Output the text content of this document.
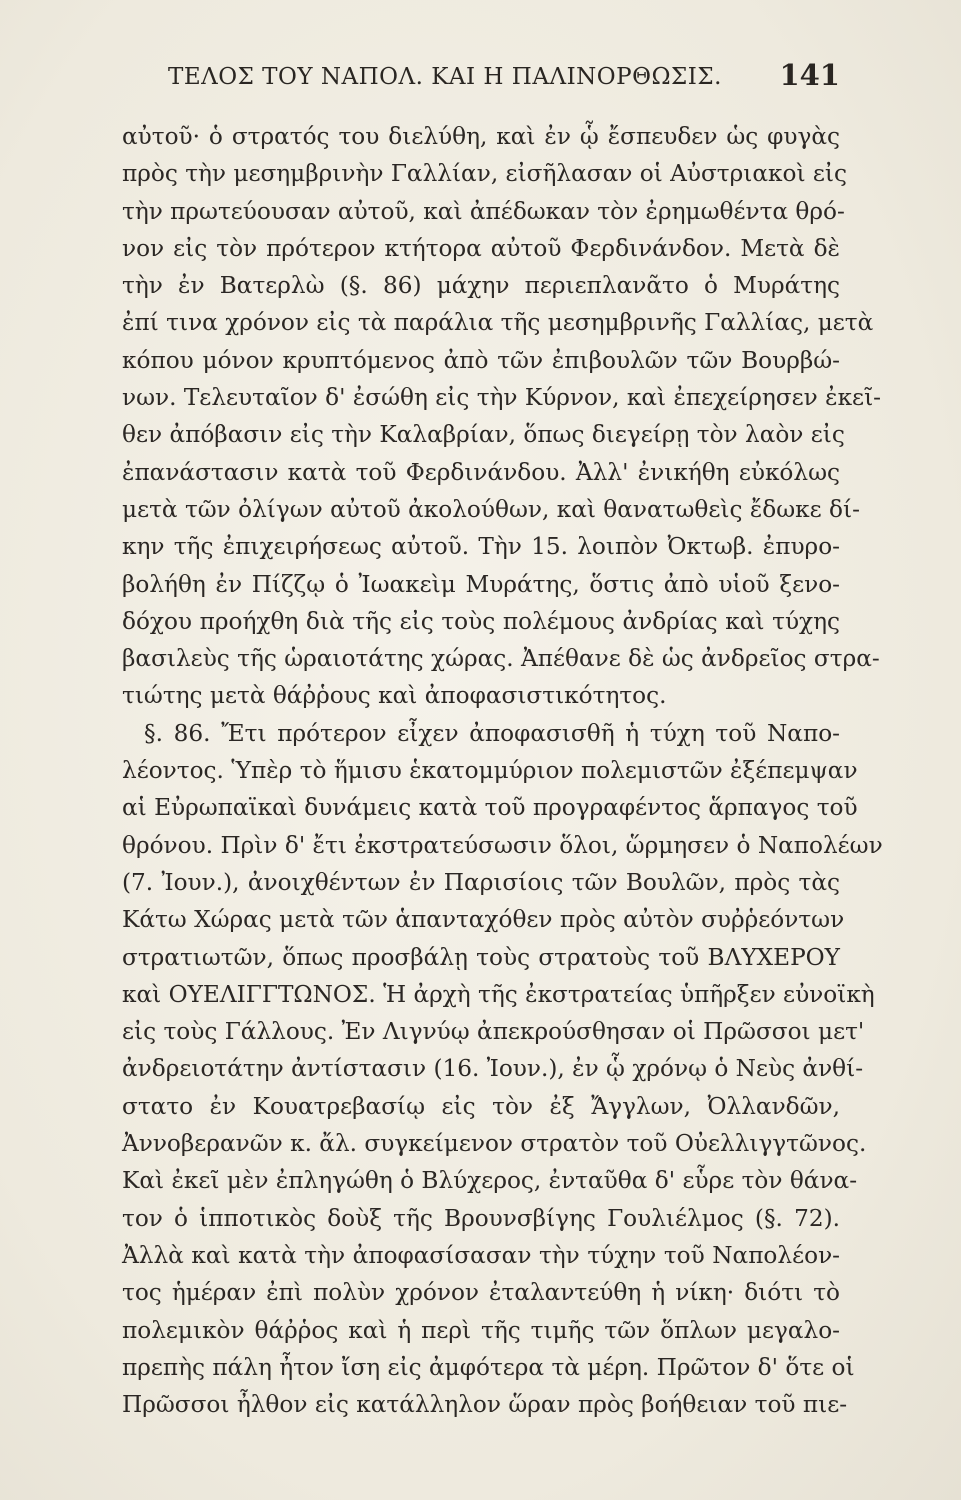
ΤΕΛΟΣ ΤΟΥ ΝΑΠΟΛ. ΚΑΙ Η ΠΑΛΙΝΟΡΘΩΣΙΣ. 141
αὐτοῦ· ὁ στρατός του διελύθη, καὶ ἐν ᾧ ἔσπευδεν ὡς φυγὰς
πρὸς τὴν μεσημβρινὴν Γαλλίαν, εἰσῆλασαν οἱ Αὐστριακοὶ εἰς
τὴν πρωτεύουσαν αὐτοῦ, καὶ ἀπέδωκαν τὸν ἐρημωθέντα θρό-
νον εἰς τὸν πρότερον κτήτορα αὐτοῦ Φερδινάνδον. Μετὰ δὲ
τὴν ἐν Βατερλὼ (§. 86) μάχην περιεπλανᾶτο ὁ Μυράτης
ἐπί τινα χρόνον εἰς τὰ παράλια τῆς μεσημβρινῆς Γαλλίας, μετὰ
κόπου μόνον κρυπτόμενος ἀπὸ τῶν ἐπιβουλῶν τῶν Βουρβώ-
νων. Τελευταῖον δ' ἐσώθη εἰς τὴν Κύρνον, καὶ ἐπεχείρησεν ἐκεῖ-
θεν ἀπόβασιν εἰς τὴν Καλαβρίαν, ὅπως διεγείρῃ τὸν λαὸν εἰς
ἐπανάστασιν κατὰ τοῦ Φερδινάνδου. Ἀλλ' ἐνικήθη εὐκόλως
μετὰ τῶν ὀλίγων αὐτοῦ ἀκολούθων, καὶ θανατωθεὶς ἔδωκε δί-
κην τῆς ἐπιχειρήσεως αὐτοῦ. Τὴν 15. λοιπὸν Ὀκτωβ. ἐπυρο-
βολήθη ἐν Πίζζῳ ὁ Ἰωακεὶμ Μυράτης, ὅστις ἀπὸ υἱοῦ ξενο-
δόχου προήχθη διὰ τῆς εἰς τοὺς πολέμους ἀνδρίας καὶ τύχης
βασιλεὺς τῆς ὡραιοτάτης χώρας. Ἀπέθανε δὲ ὡς ἀνδρεῖος στρα-
τιώτης μετὰ θάῤῥους καὶ ἀποφασιστικότητος.
§. 86. Ἔτι πρότερον εἶχεν ἀποφασισθῆ ἡ τύχη τοῦ Ναπο-
λέοντος. Ὑπὲρ τὸ ἥμισυ ἑκατομμύριον πολεμιστῶν ἐξέπεμψαν
αἱ Εὐρωπαϊκαὶ δυνάμεις κατὰ τοῦ προγραφέντος ἅρπαγος τοῦ
θρόνου. Πρὶν δ' ἔτι ἐκστρατεύσωσιν ὅλοι, ὥρμησεν ὁ Ναπολέων
(7. Ἰουν.), ἀνοιχθέντων ἐν Παρισίοις τῶν Βουλῶν, πρὸς τὰς
Κάτω Χώρας μετὰ τῶν ἁπανταχόθεν πρὸς αὐτὸν συῤῥεόντων
στρατιωτῶν, ὅπως προσβάλῃ τοὺς στρατοὺς τοῦ ΒΛΥΧΕΡΟΥ
καὶ ΟΥΕΛΙΓΓΤΩΝΟΣ. Ἡ ἀρχὴ τῆς ἐκστρατείας ὑπῆρξεν εὐνοϊκὴ
εἰς τοὺς Γάλλους. Ἐν Λιγνύῳ ἀπεκρούσθησαν οἱ Πρῶσσοι μετ'
ἀνδρειοτάτην ἀντίστασιν (16. Ἰουν.), ἐν ᾧ χρόνῳ ὁ Νεὺς ἀνθί-
στατο ἐν Κουατρεβασίῳ εἰς τὸν ἐξ Ἄγγλων, Ὀλλανδῶν,
Ἀννοβερανῶν κ. ἄλ. συγκείμενον στρατὸν τοῦ Οὐελλιγγτῶνος.
Καὶ ἐκεῖ μὲν ἐπληγώθη ὁ Βλύχερος, ἐνταῦθα δ' εὗρε τὸν θάνα-
τον ὁ ἱπποτικὸς δοὺξ τῆς Βρουνσβίγης Γουλιέλμος (§. 72).
Ἀλλὰ καὶ κατὰ τὴν ἀποφασίσασαν τὴν τύχην τοῦ Ναπολέον-
τος ἡμέραν ἐπὶ πολὺν χρόνον ἐταλαντεύθη ἡ νίκη· διότι τὸ
πολεμικὸν θάῤῥος καὶ ἡ περὶ τῆς τιμῆς τῶν ὅπλων μεγαλο-
πρεπὴς πάλη ἦτον ἴση εἰς ἀμφότερα τὰ μέρη. Πρῶτον δ' ὅτε οἱ
Πρῶσσοι ἦλθον εἰς κατάλληλον ὥραν πρὸς βοήθειαν τοῦ πιε-
